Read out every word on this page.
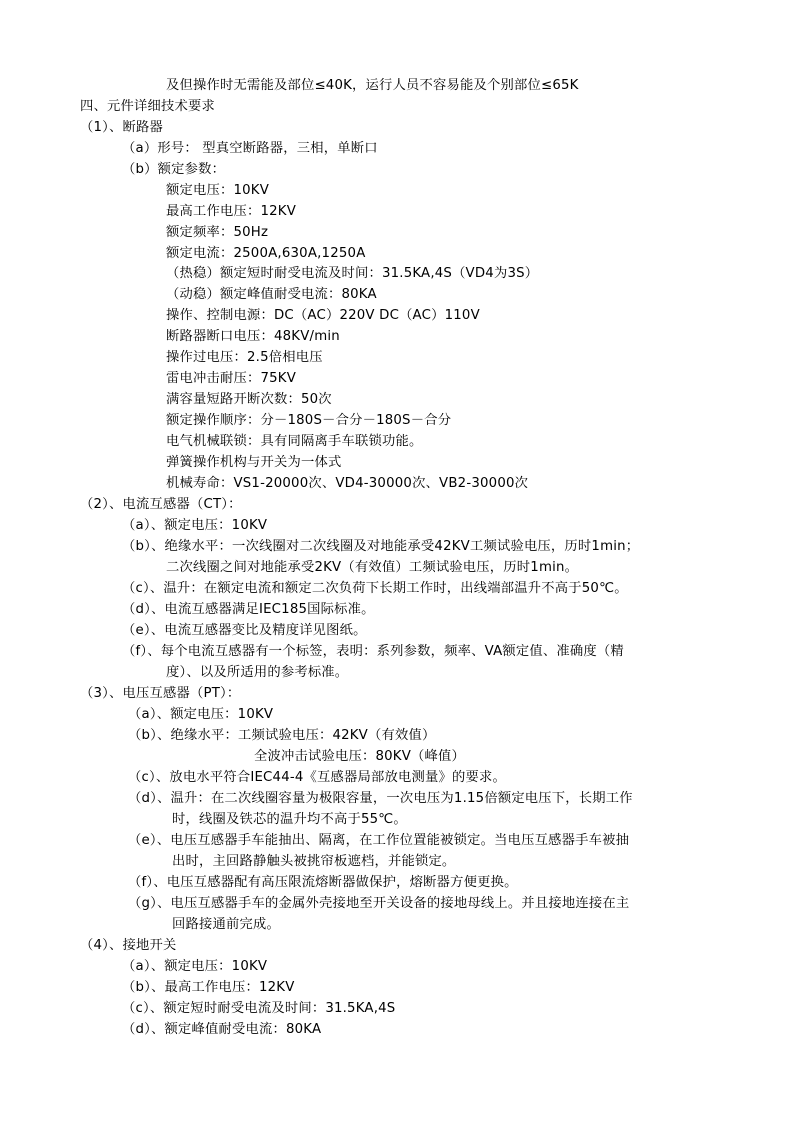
及但操作时无需能及部位≤40K，运行人员不容易能及个别部位≤65K
四、元件详细技术要求
（1）、断路器
（a）形号： 型真空断路器，三相，单断口
（b）额定参数：
额定电压：10KV
最高工作电压：12KV
额定频率：50Hz
额定电流：2500A,630A,1250A
（热稳）额定短时耐受电流及时间：31.5KA,4S（VD4为3S）
（动稳）额定峰值耐受电流：80KA
操作、控制电源：DC（AC）220V DC（AC）110V
断路器断口电压：48KV/min
操作过电压：2.5倍相电压
雷电冲击耐压：75KV
满容量短路开断次数：50次
额定操作顺序：分－180S－合分－180S－合分
电气机械联锁：具有同隔离手车联锁功能。
弹簧操作机构与开关为一体式
机械寿命：VS1-20000次、VD4-30000次、VB2-30000次
（2）、电流互感器（CT）：
（a）、额定电压：10KV
（b）、绝缘水平：一次线圈对二次线圈及对地能承受42KV工频试验电压，历时1min；
二次线圈之间对地能承受2KV（有效值）工频试验电压，历时1min。
（c）、温升：在额定电流和额定二次负荷下长期工作时，出线端部温升不高于50℃。
（d）、电流互感器满足IEC185国际标准。
（e）、电流互感器变比及精度详见图纸。
（f）、每个电流互感器有一个标签，表明：系列参数，频率、VA额定值、准确度（精
度）、以及所适用的参考标准。
（3）、电压互感器（PT）：
（a）、额定电压：10KV
（b）、绝缘水平：工频试验电压：42KV（有效值）
全波冲击试验电压：80KV（峰值）
（c）、放电水平符合IEC44-4《互感器局部放电测量》的要求。
（d）、温升：在二次线圈容量为极限容量，一次电压为1.15倍额定电压下，长期工作
时，线圈及铁芯的温升均不高于55℃。
（e）、电压互感器手车能抽出、隔离，在工作位置能被锁定。当电压互感器手车被抽
出时，主回路静触头被挑帘板遮档，并能锁定。
（f）、电压互感器配有高压限流熔断器做保护，熔断器方便更换。
（g）、电压互感器手车的金属外壳接地至开关设备的接地母线上。并且接地连接在主
回路接通前完成。
（4）、接地开关
（a）、额定电压：10KV
（b）、最高工作电压：12KV
（c）、额定短时耐受电流及时间：31.5KA,4S
（d）、额定峰值耐受电流：80KA
